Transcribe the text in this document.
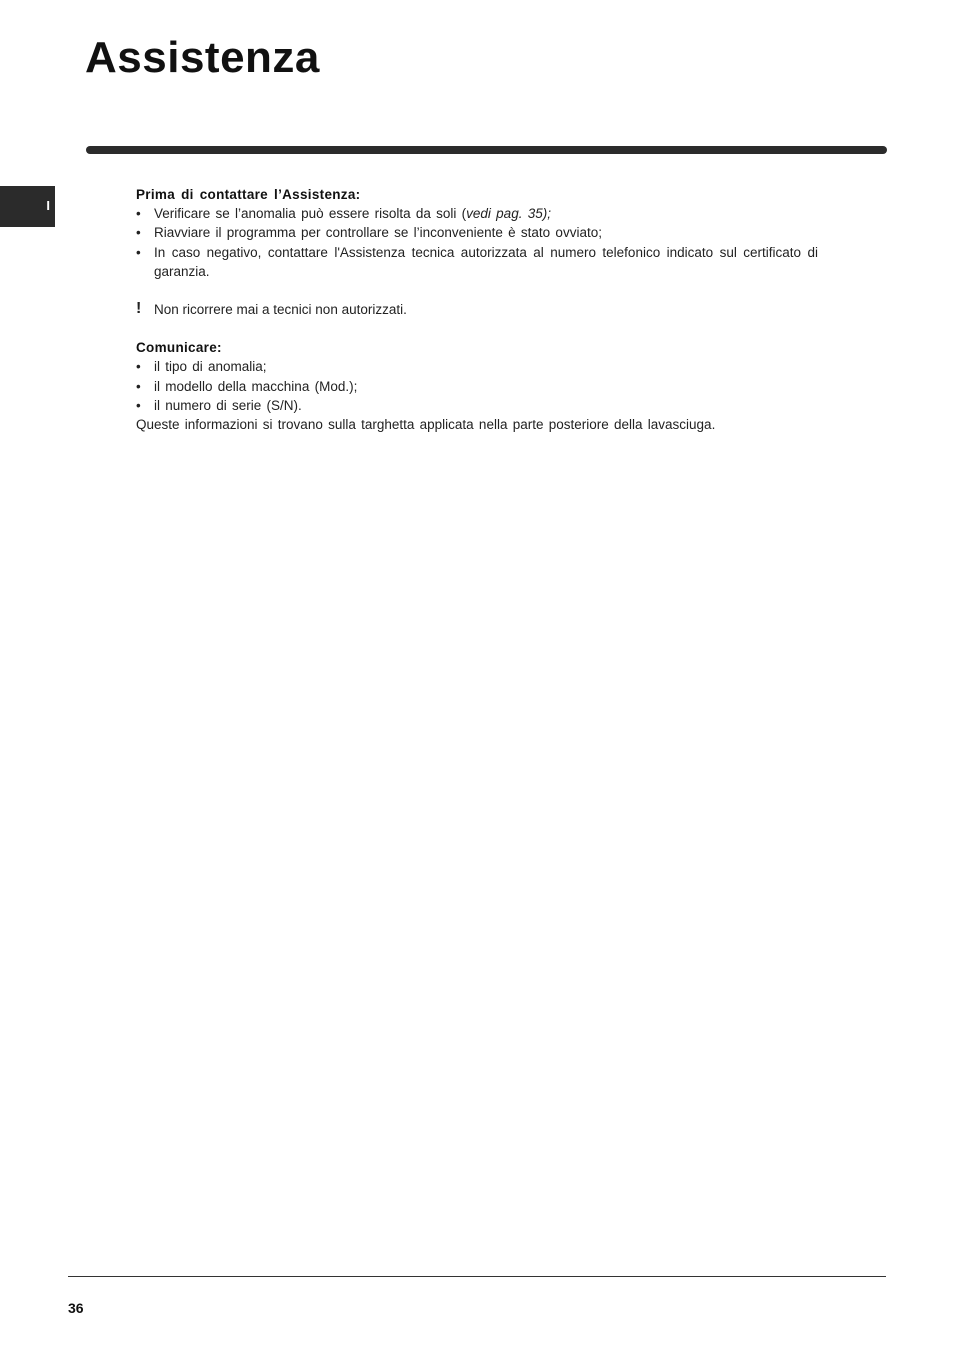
Assistenza
I

Prima di contattare l’Assistenza:

• Verificare se l’anomalia può essere risolta da soli (vedi pag. 35);
• Riavviare il programma per controllare se l’inconveniente è stato ovviato;
• In caso negativo, contattare l'Assistenza tecnica autorizzata al numero telefonico indicato sul certificato di garanzia.
! Non ricorrere mai a tecnici non autorizzati.

Comunicare:

• il tipo di anomalia;
• il modello della macchina (Mod.);
• il numero di serie (S/N).

Queste informazioni si trovano sulla targhetta applicata nella parte posteriore della lavasciuga.

36
